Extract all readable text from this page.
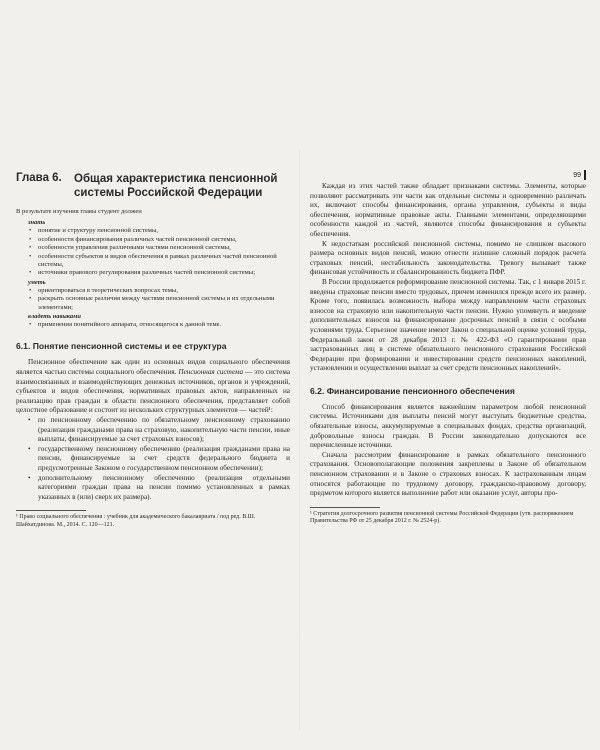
Глава 6.	Общая характеристика пенсионной системы Российской Федерации
В результате изучения главы студент должен
знать
• понятие и структуру пенсионной системы,
• особенности финансирования различных частей пенсионной системы,
• особенности управления различными частями пенсионной системы,
• особенности субъектов и видов обеспечения в рамках различных частей пенсионной системы,
• источники правового регулирования различных частей пенсионной системы;
уметь
• ориентироваться в теоретических вопросах темы,
• раскрыть основные различия между частями пенсионной системы и их отдельными элементами;
владеть навыками
• применения понятийного аппарата, относящегося к данной теме.
6.1. Понятие пенсионной системы и ее структура

Пенсионное обеспечение как один из основных видов социального обеспечения является частью системы социального обеспечения. Пенсионная система — это система взаимосвязанных и взаимодействующих денежных источников, органов и учреждений, субъектов и видов обеспечения, нормативных правовых актов, направленных на реализацию прав граждан в области пенсионного обеспечения, представляет собой целостное образование и состоит из нескольких структурных элементов — частей¹:

• по пенсионному обеспечению по обязательному пенсионному страхованию (реализация гражданами права на страховую, накопительную части пенсии, иные выплаты, финансируемые за счет страховых взносов);
• государственному пенсионному обеспечению (реализация гражданами права на пенсии, финансируемые за счет средств федерального бюджета и предусмотренные Законом о государственном пенсионном обеспечении);
• дополнительному пенсионному обеспечению (реализация отдельными категориями граждан права на пенсии помимо установленных в рамках указанных в (или) сверх их размера).
¹ Право социального обеспечения : учебник для академического бакалавриата / под ред. В.Ш. Шайхатдинова. М., 2014. С. 120—121.
99

Каждая из этих частей также обладает признаками системы. Элементы, которые позволяют рассматривать эти части как отдельные системы и одновременно различать их, включают способы финансирования, органы управления, субъекты и виды обеспечения, нормативные правовые акты. Главными элементами, определяющими особенности каждой из частей, являются способы финансирования и субъекты обеспечения.

К недостаткам российской пенсионной системы, помимо не слишком высокого размера основных видов пенсий, можно отнести излишне сложный порядок расчета страховых пенсий, нестабильность законодательства. Тревогу вызывает также финансовая устойчивость и сбалансированность бюджета ПФР.

В России продолжается реформирование пенсионной системы. Так, с 1 января 2015 г. введены страховые пенсии вместо трудовых, причем изменился прежде всего их размер. Кроме того, появилась возможность выбора между направлением части страховых взносов на страховую или накопительную части пенсии. Нужно упомянуть и введение дополнительных взносов на финансирование досрочных пенсий в связи с особыми условиями труда. Серьезное значение имеют Закон о специальной оценке условий труда, Федеральный закон от 28 декабря 2013 г. № 422-ФЗ «О гарантировании прав застрахованных лиц в системе обязательного пенсионного страхования Российской Федерации при формировании и инвестировании средств пенсионных накоплений, установлении и осуществлении выплат за счет средств пенсионных накоплений».

6.2. Финансирование пенсионного обеспечения

Способ финансирования является важнейшим параметром любой пенсионной системы. Источниками для выплаты пенсий могут выступать бюджетные средства, обязательные взносы, аккумулируемые в специальных фондах, средства организаций, добровольные взносы граждан. В России законодательно допускаются все перечисленные источники.

Сначала рассмотрим финансирование в рамках обязательного пенсионного страхования. Основополагающие положения закреплены в Законе об обязательном пенсионном страховании и в Законе о страховых взносах. К застрахованным лицам относятся работающие по трудовому договору, гражданско-правовому договору, предметом которого является выполнение работ или оказание услуг, авторы про-

¹ Стратегия долгосрочного развития пенсионной системы Российской Федерации (утв. распоряжением Правительства РФ от 25 декабря 2012 г. № 2524-р).
